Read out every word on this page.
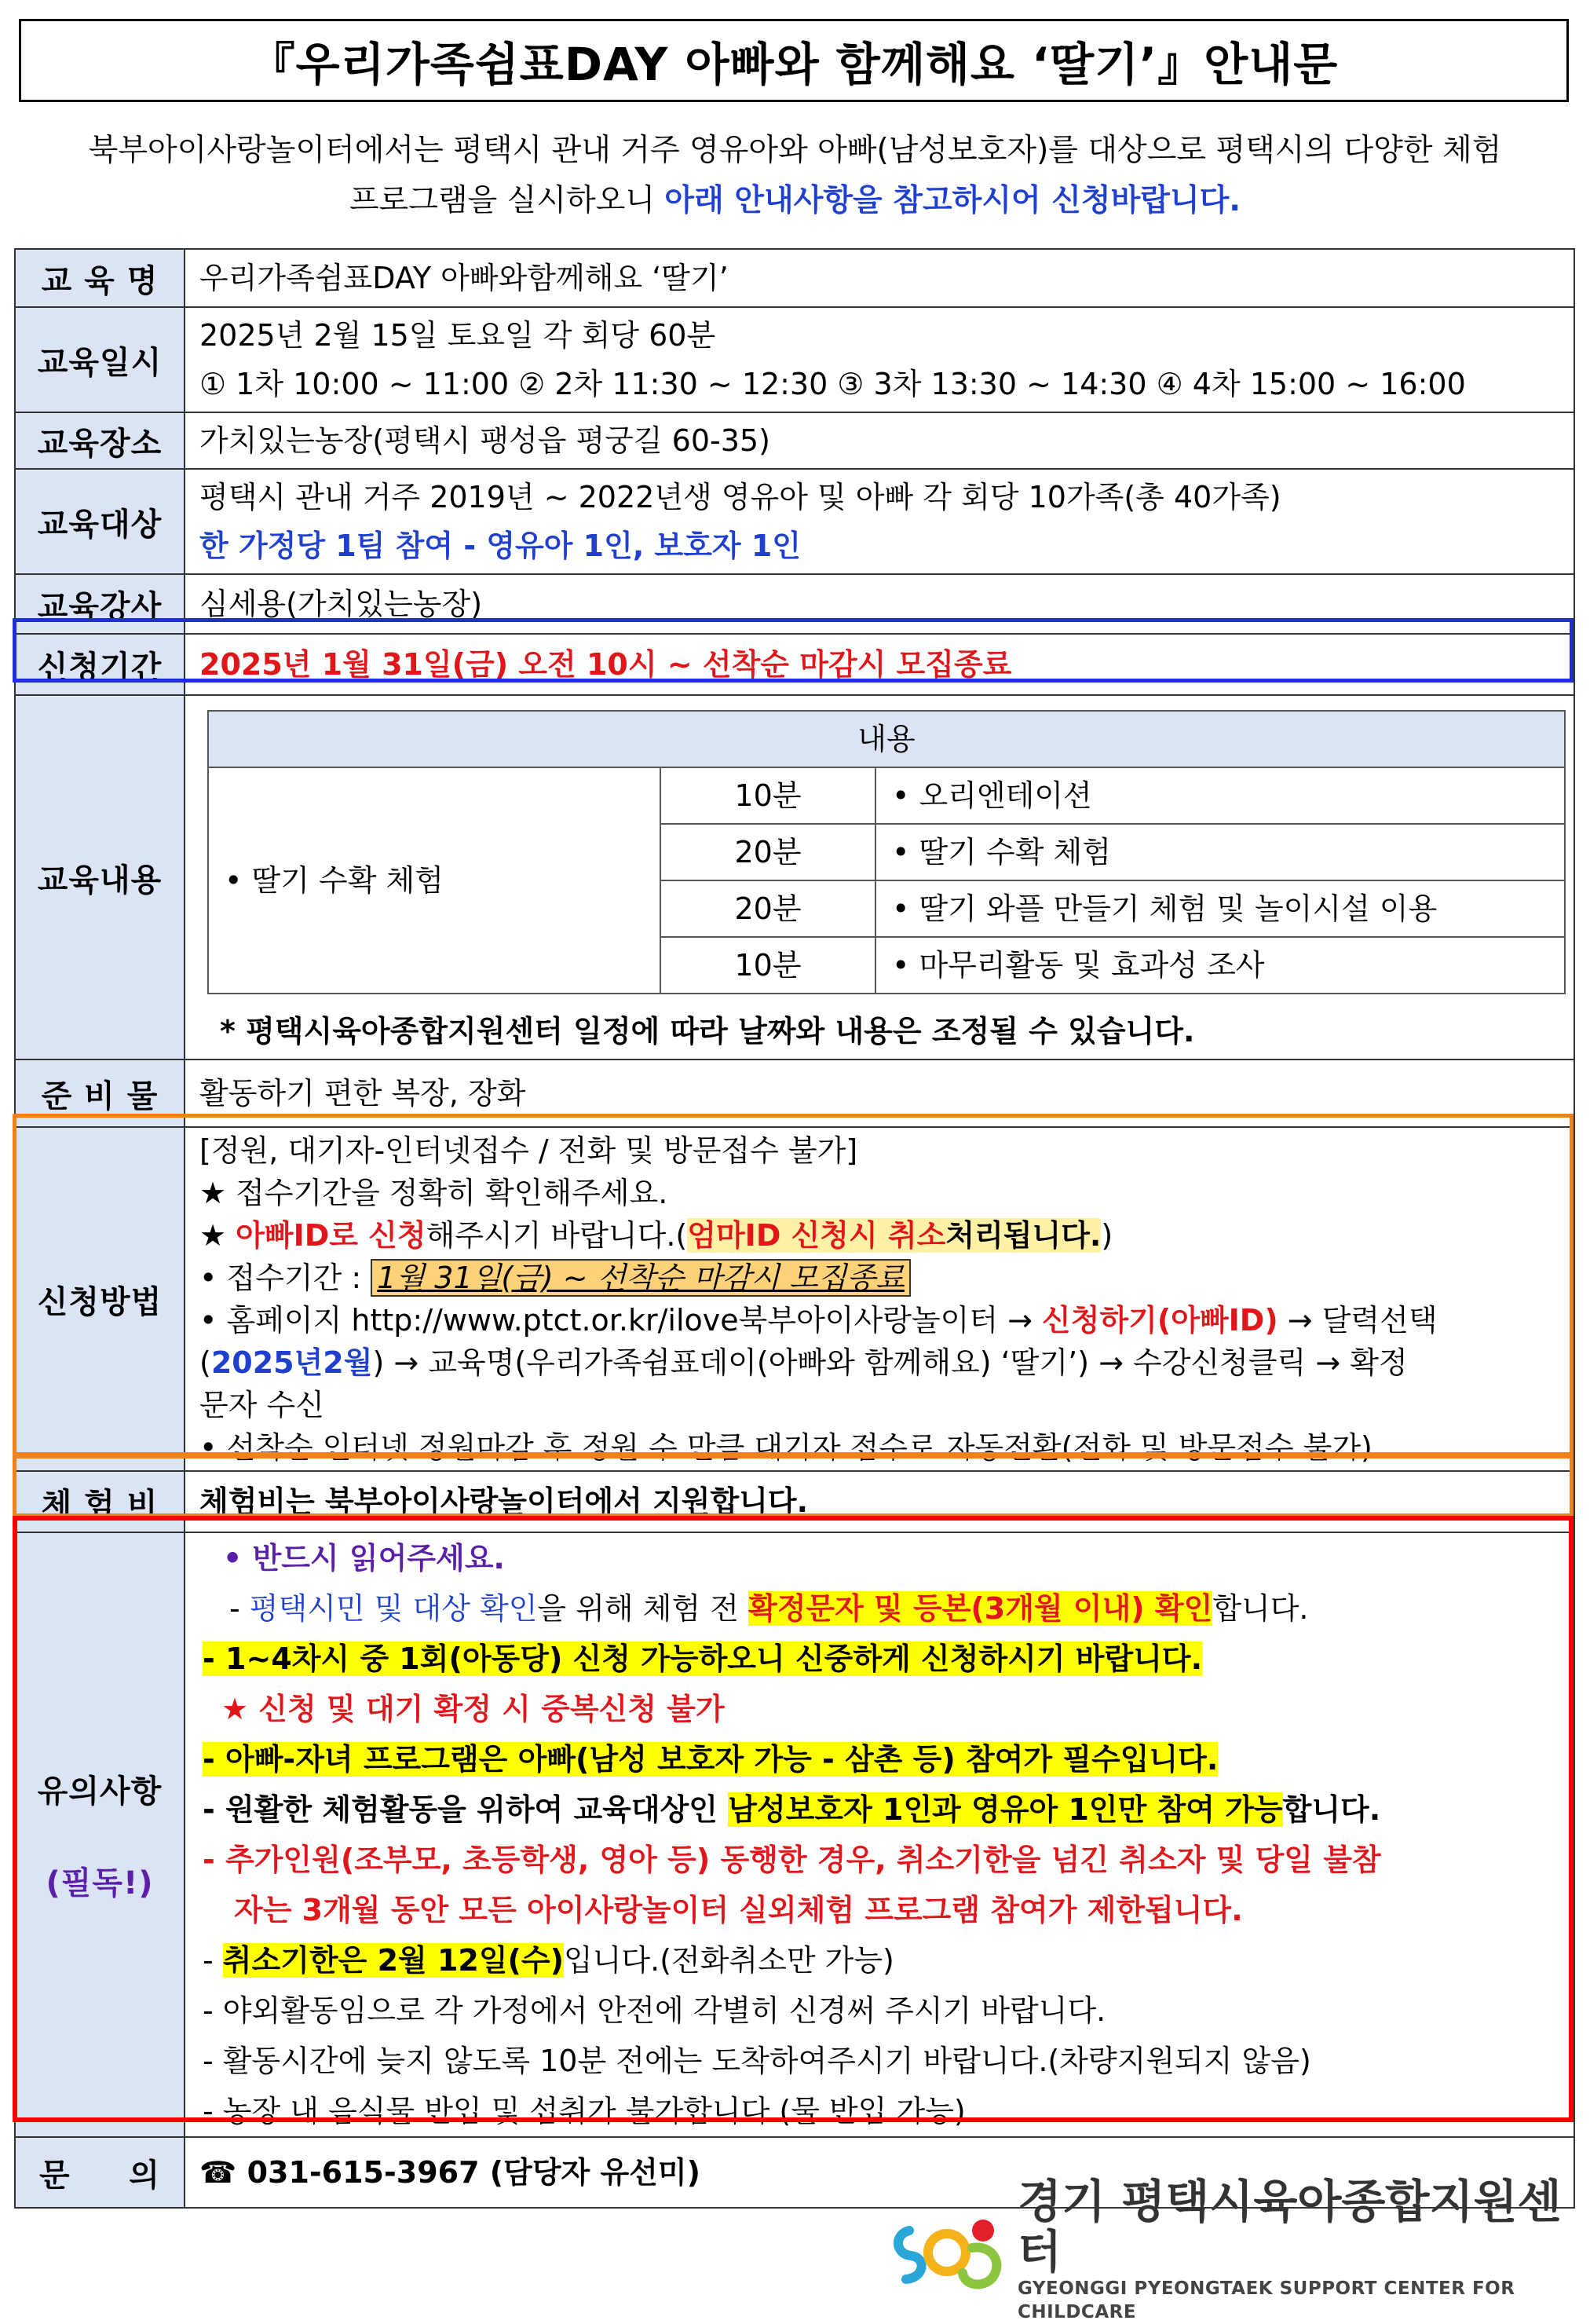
『우리가족쉼표DAY 아빠와 함께해요 ‘딸기’』안내문
북부아이사랑놀이터에서는 평택시 관내 거주 영유아와 아빠(남성보호자)를 대상으로 평택시의 다양한 체험
프로그램을 실시하오니 아래 안내사항을 참고하시어 신청바랍니다.
교 육 명	우리가족쉼표DAY 아빠와함께해요 ‘딸기’
교육일시	
2025년 2월 15일 토요일 각 회당 60분
① 1차 10:00 ~ 11:00 ② 2차 11:30 ~ 12:30 ③ 3차 13:30 ~ 14:30 ④ 4차 15:00 ~ 16:00

교육장소	가치있는농장(평택시 팽성읍 평궁길 60-35)
교육대상	
평택시 관내 거주 2019년 ~ 2022년생 영유아 및 아빠 각 회당 10가족(총 40가족)
한 가정당 1팀 참여 - 영유아 1인, 보호자 1인

교육강사	심세용(가치있는농장)
신청기간	2025년 1월 31일(금) 오전 10시 ~ 선착순 마감시 모집종료
교육내용	
내용
• 딸기 수확 체험	10분	• 오리엔테이션
20분	• 딸기 수확 체험
20분	• 딸기 와플 만들기 체험 및 놀이시설 이용
10분	• 마무리활동 및 효과성 조사
* 평택시육아종합지원센터 일정에 따라 날짜와 내용은 조정될 수 있습니다.

준 비 물	활동하기 편한 복장, 장화
신청방법	
[정원, 대기자-인터넷접수 / 전화 및 방문접수 불가]
★ 접수기간을 정확히 확인해주세요.
★ 아빠ID로 신청해주시기 바랍니다.(엄마ID 신청시 취소처리됩니다.)
• 접수기간 : 1월 31일(금) ~ 선착순 마감시 모집종료
• 홈페이지 http://www.ptct.or.kr/ilove북부아이사랑놀이터 → 신청하기(아빠ID) → 달력선택
(2025년2월) → 교육명(우리가족쉼표데이(아빠와 함께해요) ‘딸기’) → 수강신청클릭 → 확정
문자 수신
• 선착순 인터넷 정원마감 후 정원 수 만큼 대기자 접수로 자동전환(전화 및 방문접수 불가)

체 험 비	체험비는 북부아이사랑놀이터에서 지원합니다.

유의사항
(필독!)

• 반드시 읽어주세요.
- 평택시민 및 대상 확인을 위해 체험 전 확정문자 및 등본(3개월 이내) 확인합니다.
- 1~4차시 중 1회(아동당) 신청 가능하오니 신중하게 신청하시기 바랍니다.
★ 신청 및 대기 확정 시 중복신청 불가
- 아빠-자녀 프로그램은 아빠(남성 보호자 가능 - 삼촌 등) 참여가 필수입니다.
- 원활한 체험활동을 위하여 교육대상인 남성보호자 1인과 영유아 1인만 참여 가능합니다.
- 추가인원(조부모, 초등학생, 영아 등) 동행한 경우, 취소기한을 넘긴 취소자 및 당일 불참
자는 3개월 동안 모든 아이사랑놀이터 실외체험 프로그램 참여가 제한됩니다.
- 취소기한은 2월 12일(수)입니다.(전화취소만 가능)
- 야외활동임으로 각 가정에서 안전에 각별히 신경써 주시기 바랍니다.
- 활동시간에 늦지 않도록 10분 전에는 도착하여주시기 바랍니다.(차량지원되지 않음)
- 농장 내 음식물 반입 및 섭취가 불가합니다.(물 반입 가능)

문     의	☎ 031-615-3967 (담당자 유선미)
경기 평택시육아종합지원센터
GYEONGGI PYEONGTAEK SUPPORT CENTER FOR CHILDCARE
